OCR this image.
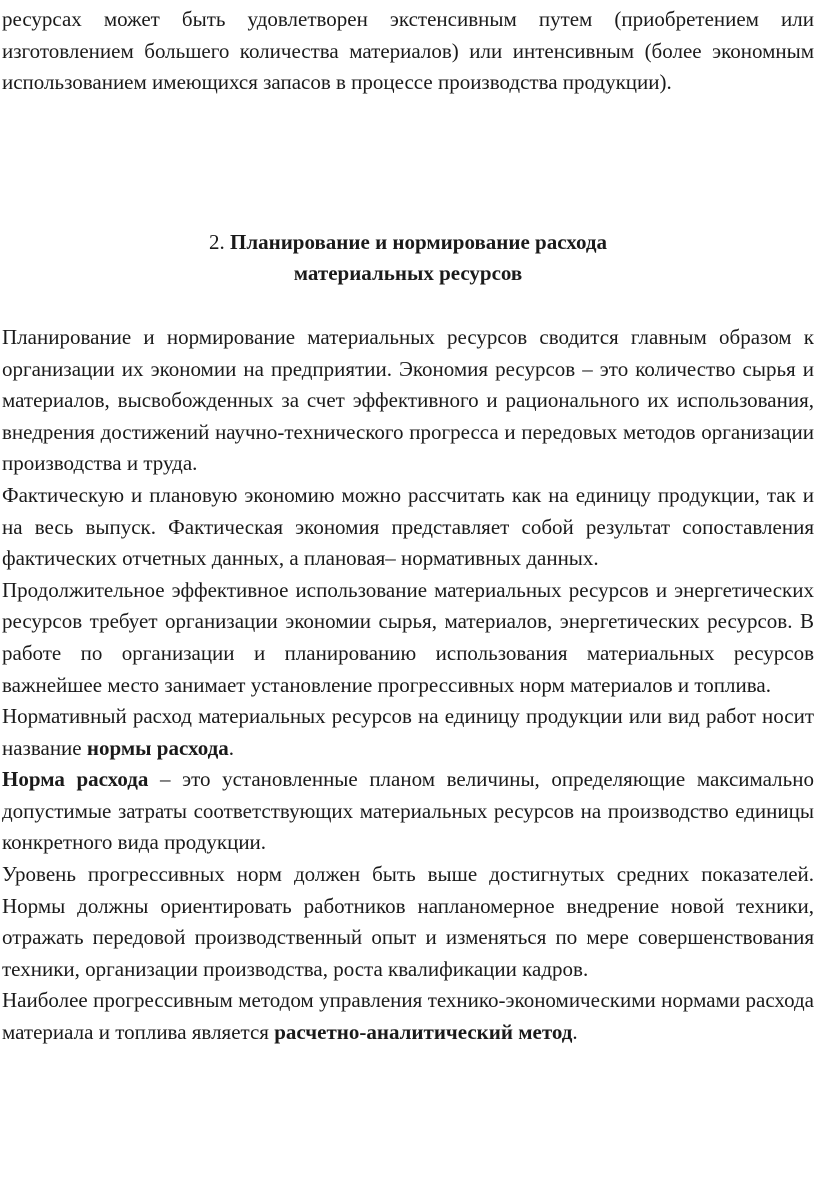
ресурсах может быть удовлетворен экстенсивным путем (приобретением или изготовлением большего количества материалов) или интенсивным (более экономным использованием имеющихся запасов в процессе производства продукции).

2. Планирование и нормирование расхода
материальных ресурсов

Планирование и нормирование материальных ресурсов сводится главным образом к организации их экономии на предприятии. Экономия ресурсов – это количество сырья и материалов, высвобожденных за счет эффективного и рационального их использования, внедрения достижений научно-технического прогресса и передовых методов организации производства и труда.

Фактическую и плановую экономию можно рассчитать как на единицу продукции, так и на весь выпуск. Фактическая экономия представляет собой результат сопоставления фактических отчетных данных, а плановая– нормативных данных.

Продолжительное эффективное использование материальных ресурсов и энергетических ресурсов требует организации экономии сырья, материалов, энергетических ресурсов. В работе по организации и планированию использования материальных ресурсов важнейшее место занимает установление прогрессивных норм материалов и топлива.

Нормативный расход материальных ресурсов на единицу продукции или вид работ носит название нормы расхода.

Норма расхода – это установленные планом величины, определяющие максимально допустимые затраты соответствующих материальных ресурсов на производство единицы конкретного вида продукции.

Уровень прогрессивных норм должен быть выше достигнутых средних показателей. Нормы должны ориентировать работников напланомерное внедрение новой техники, отражать передовой производственный опыт и изменяться по мере совершенствования техники, организации производства, роста квалификации кадров.

Наиболее прогрессивным методом управления технико-экономическими нормами расхода материала и топлива является расчетно-аналитический метод.
